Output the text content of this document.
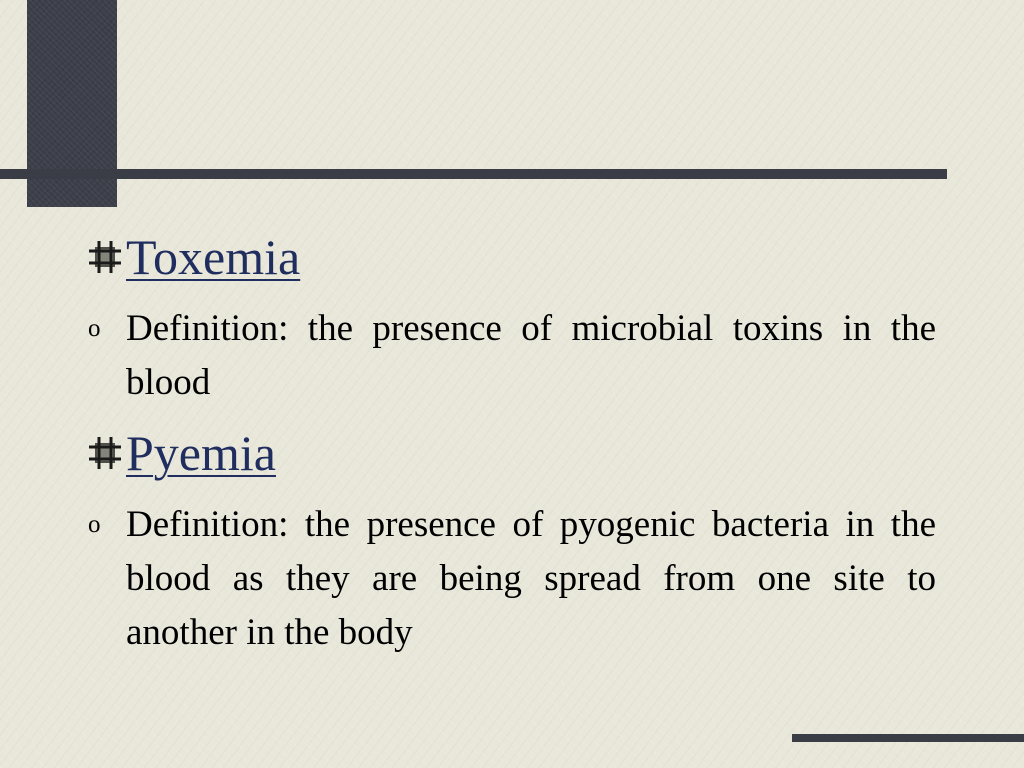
Toxemia
o Definition: the presence of microbial toxins in the blood
Pyemia
o Definition: the presence of pyogenic bacteria in the blood as they are being spread from one site to another in the body
